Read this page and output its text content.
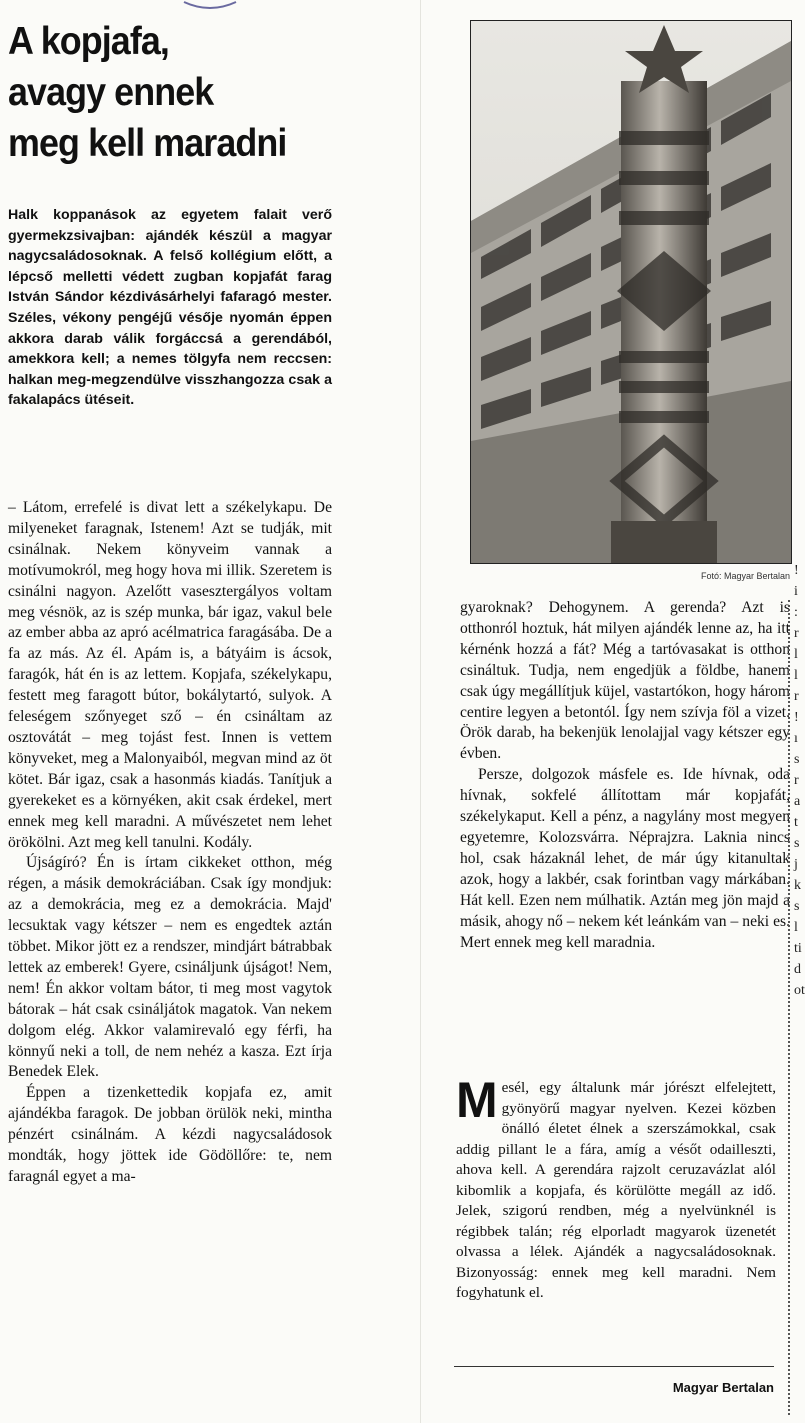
A kopjafa,
avagy ennek
meg kell maradni

Halk koppanások az egyetem falait verő gyermekzsivajban: ajándék készül a magyar nagycsaládosoknak. A felső kollégium előtt, a lépcső melletti védett zugban kopjafát farag István Sándor kézdivásárhelyi fafaragó mester. Széles, vékony pengéjű vésője nyomán éppen akkora darab válik forgáccsá a gerendából, amekkora kell; a nemes tölgyfa nem reccsen: halkan meg-megzendülve visszhangozza csak a fakalapács ütéseit.

– Látom, errefelé is divat lett a székelykapu. De milyeneket faragnak, Istenem! Azt se tudják, mit csinálnak. Nekem könyveim vannak a motívumokról, meg hogy hova mi illik. Szeretem is csinálni nagyon. Azelőtt vasesztergályos voltam meg vésnök, az is szép munka, bár igaz, vakul bele az ember abba az apró acélmatrica faragásába. De a fa az más. Az él. Apám is, a bátyáim is ácsok, faragók, hát én is az lettem. Kopjafa, székelykapu, festett meg faragott bútor, bokálytartó, sulyok. A feleségem szőnyeget sző – én csináltam az osztovátát – meg tojást fest. Innen is vettem könyveket, meg a Malonyaiból, megvan mind az öt kötet. Bár igaz, csak a hasonmás kiadás. Tanítjuk a gyerekeket es a környéken, akit csak érdekel, mert ennek meg kell maradni. A művészetet nem lehet örökölni. Azt meg kell tanulni. Kodály.

Újságíró? Én is írtam cikkeket otthon, még régen, a másik demokráciában. Csak így mondjuk: az a demokrácia, meg ez a demokrácia. Majd' lecsuktak vagy kétszer – nem es engedtek aztán többet. Mikor jött ez a rendszer, mindjárt bátrabbak lettek az emberek! Gyere, csináljunk újságot! Nem, nem! Én akkor voltam bátor, ti meg most vagytok bátorak – hát csak csináljátok magatok. Van nekem dolgom elég. Akkor valamirevaló egy férfi, ha könnyű neki a toll, de nem nehéz a kasza. Ezt írja Benedek Elek.

Éppen a tizenkettedik kopjafa ez, amit ajándékba faragok. De jobban örülök neki, mintha pénzért csinálnám. A kézdi nagycsaládosok mondták, hogy jöttek ide Gödöllőre: te, nem faragnál egyet a ma-

Fotó: Magyar Bertalan

gyaroknak? Dehogynem. A gerenda? Azt is otthonról hoztuk, hát milyen ajándék lenne az, ha itt kérnénk hozzá a fát? Még a tartóvasakat is otthon csináltuk. Tudja, nem engedjük a földbe, hanem csak úgy megállítjuk küjel, vastartókon, hogy három centire legyen a betontól. Így nem szívja föl a vizet. Örök darab, ha bekenjük lenolajjal vagy kétszer egy évben.

Persze, dolgozok másfele es. Ide hívnak, oda hívnak, sokfelé állítottam már kopjafát, székelykaput. Kell a pénz, a nagylány most megyen egyetemre, Kolozsvárra. Néprajzra. Laknia nincs hol, csak házaknál lehet, de már úgy kitanultak azok, hogy a lakbér, csak forintban vagy márkában. Hát kell. Ezen nem múlhatik. Aztán meg jön majd a másik, ahogy nő – nekem két leánkám van – neki es. Mert ennek meg kell maradnia.

M esél, egy általunk már jórészt elfelejtett, gyönyörű magyar nyelven. Kezei közben önálló életet élnek a szerszámokkal, csak addig pillant le a fára, amíg a vésőt odailleszti, ahova kell. A gerendára rajzolt ceruzavázlat alól kibomlik a kopjafa, és körülötte megáll az idő. Jelek, szigorú rendben, még a nyelvünknél is régibbek talán; rég elporladt magyarok üzenetét olvassa a lélek. Ajándék a nagycsaládosoknak. Bizonyosság: ennek meg kell maradni. Nem fogyhatunk el.
Magyar Bertalan
!
i
:
r
l
l
r
!
ı
s
r
a
t
s
j
k
s
l
ti
d
ot
